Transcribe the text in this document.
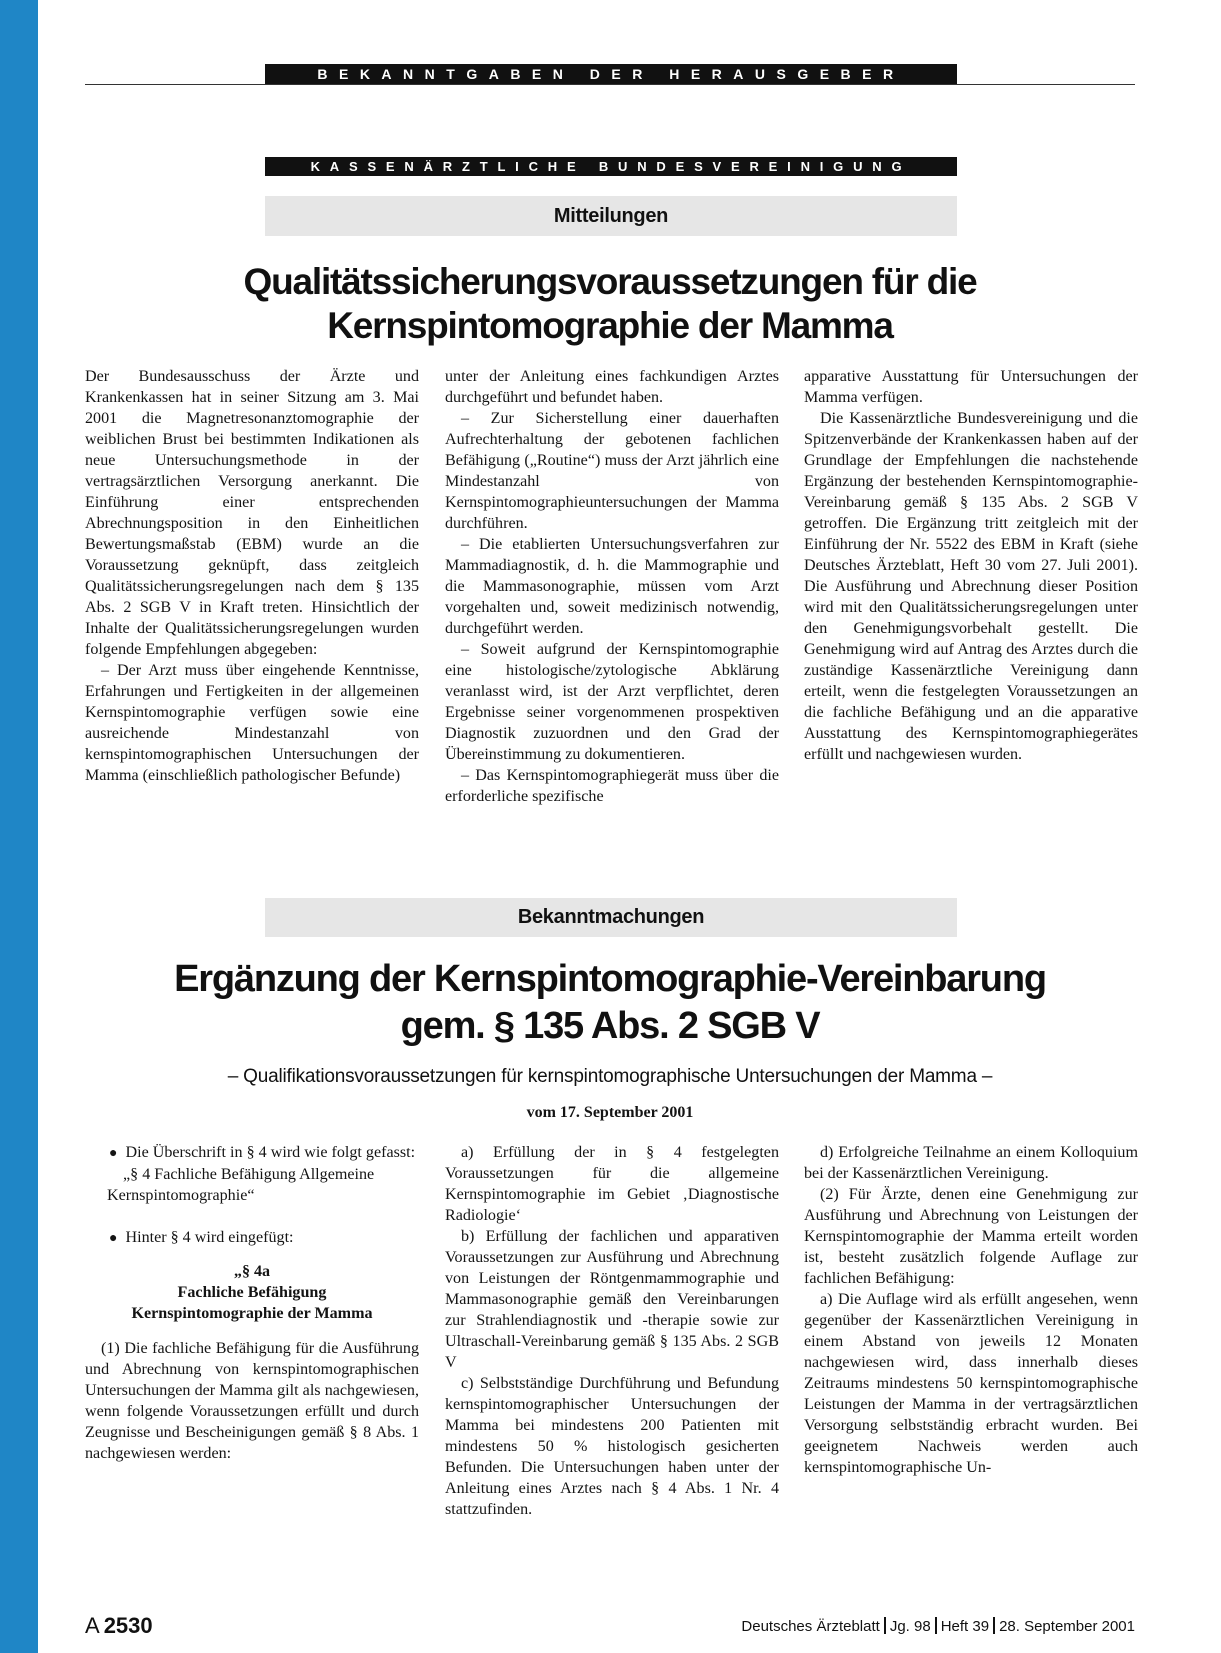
BEKANNTGABEN DER HERAUSGEBER
KASSENÄRZTLICHE BUNDESVEREINIGUNG
Mitteilungen
Qualitätssicherungsvoraussetzungen für die
Kernspintomographie der Mamma

Der Bundesausschuss der Ärzte und Krankenkassen hat in seiner Sitzung am 3. Mai 2001 die Magnetresonanztomographie der weiblichen Brust bei bestimmten Indikationen als neue Untersuchungsmethode in der vertragsärztlichen Versorgung anerkannt. Die Einführung einer entsprechenden Abrechnungsposition in den Einheitlichen Bewertungsmaßstab (EBM) wurde an die Voraussetzung geknüpft, dass zeitgleich Qualitätssicherungsregelungen nach dem § 135 Abs. 2 SGB V in Kraft treten. Hinsichtlich der Inhalte der Qualitätssicherungsregelungen wurden folgende Empfehlungen abgegeben:

– Der Arzt muss über eingehende Kenntnisse, Erfahrungen und Fertigkeiten in der allgemeinen Kernspintomographie verfügen sowie eine ausreichende Mindestanzahl von kernspintomographischen Untersuchungen der Mamma (einschließlich pathologischer Befunde)

unter der Anleitung eines fachkundigen Arztes durchgeführt und befundet haben.

– Zur Sicherstellung einer dauerhaften Aufrechterhaltung der gebotenen fachlichen Befähigung („Routine“) muss der Arzt jährlich eine Mindestanzahl von Kernspintomographieuntersuchungen der Mamma durchführen.

– Die etablierten Untersuchungsverfahren zur Mammadiagnostik, d. h. die Mammographie und die Mammasonographie, müssen vom Arzt vorgehalten und, soweit medizinisch notwendig, durchgeführt werden.

– Soweit aufgrund der Kernspintomographie eine histologische/zytologische Abklärung veranlasst wird, ist der Arzt verpflichtet, deren Ergebnisse seiner vorgenommenen prospektiven Diagnostik zuzuordnen und den Grad der Übereinstimmung zu dokumentieren.

– Das Kernspintomographiegerät muss über die erforderliche spezifische

apparative Ausstattung für Untersuchungen der Mamma verfügen.

Die Kassenärztliche Bundesvereinigung und die Spitzenverbände der Krankenkassen haben auf der Grundlage der Empfehlungen die nachstehende Ergänzung der bestehenden Kernspintomographie-Vereinbarung gemäß § 135 Abs. 2 SGB V getroffen. Die Ergänzung tritt zeitgleich mit der Einführung der Nr. 5522 des EBM in Kraft (siehe Deutsches Ärzteblatt, Heft 30 vom 27. Juli 2001). Die Ausführung und Abrechnung dieser Position wird mit den Qualitätssicherungsregelungen unter den Genehmigungsvorbehalt gestellt. Die Genehmigung wird auf Antrag des Arztes durch die zuständige Kassenärztliche Vereinigung dann erteilt, wenn die festgelegten Voraussetzungen an die fachliche Befähigung und an die apparative Ausstattung des Kernspintomographiegerätes erfüllt und nachgewiesen wurden.

Bekanntmachungen
Ergänzung der Kernspintomographie-Vereinbarung
gem. § 135 Abs. 2 SGB V

– Qualifikationsvoraussetzungen für kernspintomographische Untersuchungen der Mamma –

vom 17. September 2001

● Die Überschrift in § 4 wird wie folgt gefasst:

„§ 4 Fachliche Befähigung Allgemeine Kernspintomographie“

● Hinter § 4 wird eingefügt:

„§ 4a
Fachliche Befähigung
Kernspintomographie der Mamma

(1) Die fachliche Befähigung für die Ausführung und Abrechnung von kernspintomographischen Untersuchungen der Mamma gilt als nachgewiesen, wenn folgende Voraussetzungen erfüllt und durch Zeugnisse und Bescheinigungen gemäß § 8 Abs. 1 nachgewiesen werden:

a) Erfüllung der in § 4 festgelegten Voraussetzungen für die allgemeine Kernspintomographie im Gebiet ‚Diagnostische Radiologie‘

b) Erfüllung der fachlichen und apparativen Voraussetzungen zur Ausführung und Abrechnung von Leistungen der Röntgenmammographie und Mammasonographie gemäß den Vereinbarungen zur Strahlendiagnostik und -therapie sowie zur Ultraschall-Vereinbarung gemäß § 135 Abs. 2 SGB V

c) Selbstständige Durchführung und Befundung kernspintomographischer Untersuchungen der Mamma bei mindestens 200 Patienten mit mindestens 50 % histologisch gesicherten Befunden. Die Untersuchungen haben unter der Anleitung eines Arztes nach § 4 Abs. 1 Nr. 4 stattzufinden.

d) Erfolgreiche Teilnahme an einem Kolloquium bei der Kassenärztlichen Vereinigung.

(2) Für Ärzte, denen eine Genehmigung zur Ausführung und Abrechnung von Leistungen der Kernspintomographie der Mamma erteilt worden ist, besteht zusätzlich folgende Auflage zur fachlichen Befähigung:

a) Die Auflage wird als erfüllt angesehen, wenn gegenüber der Kassenärztlichen Vereinigung in einem Abstand von jeweils 12 Monaten nachgewiesen wird, dass innerhalb dieses Zeitraums mindestens 50 kernspintomographische Leistungen der Mamma in der vertragsärztlichen Versorgung selbstständig erbracht wurden. Bei geeignetem Nachweis werden auch kernspintomographische Un-

A 2530	Deutsches Ärzteblatt Jg. 98 Heft 39 28. September 2001
